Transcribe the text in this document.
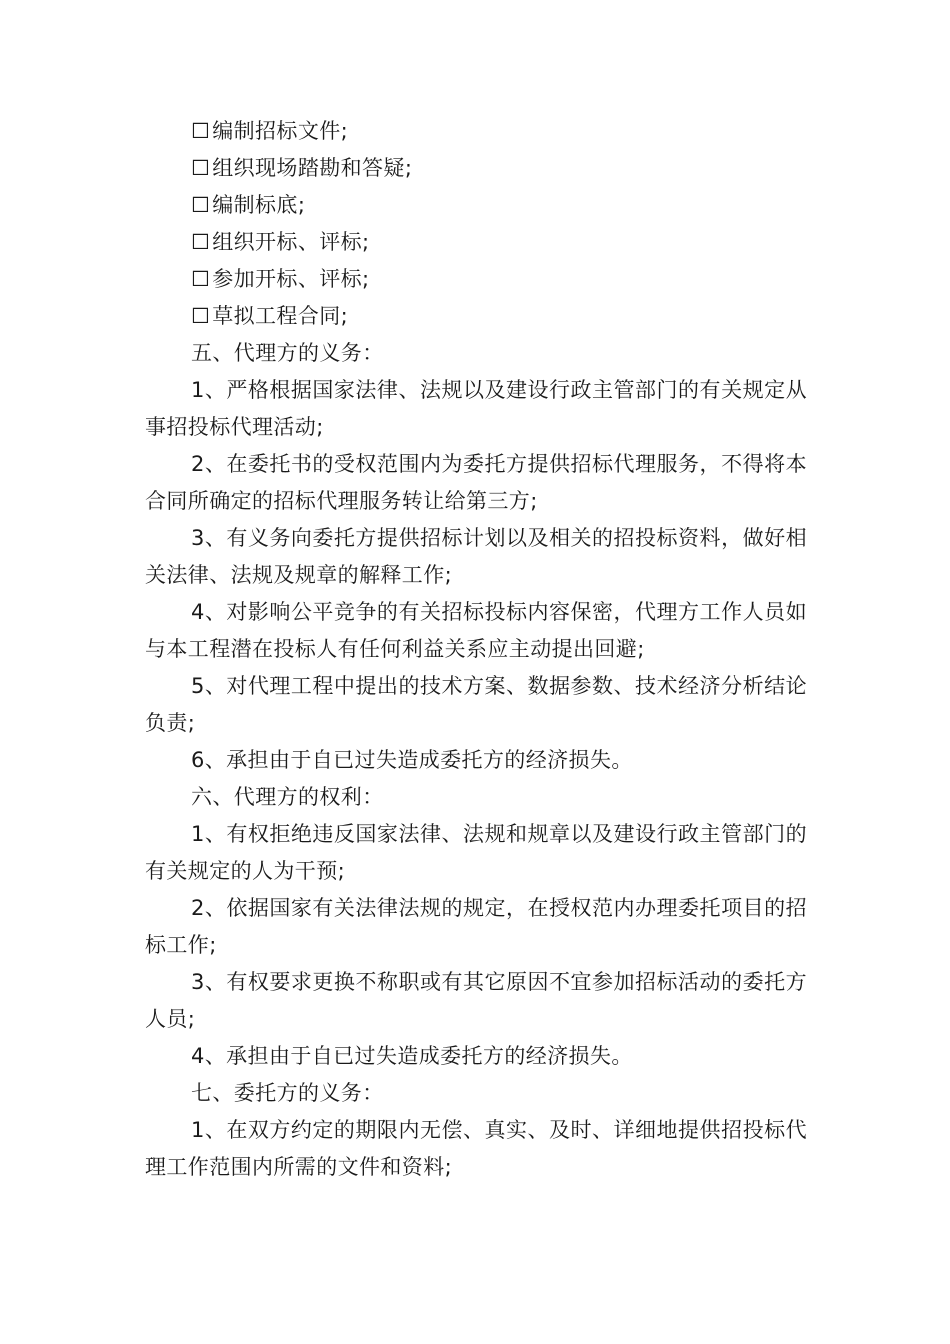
☐编制招标文件;
☐组织现场踏勘和答疑;
☐编制标底;
☐组织开标、评标;
☐参加开标、评标;
☐草拟工程合同;
五、代理方的义务：

1、严格根据国家法律、法规以及建设行政主管部门的有关规定从事招投标代理活动;

2、在委托书的受权范围内为委托方提供招标代理服务，不得将本合同所确定的招标代理服务转让给第三方;

3、有义务向委托方提供招标计划以及相关的招投标资料，做好相关法律、法规及规章的解释工作;

4、对影响公平竞争的有关招标投标内容保密，代理方工作人员如与本工程潜在投标人有任何利益关系应主动提出回避;

5、对代理工程中提出的技术方案、数据参数、技术经济分析结论负责;

6、承担由于自已过失造成委托方的经济损失。

六、代理方的权利：

1、有权拒绝违反国家法律、法规和规章以及建设行政主管部门的有关规定的人为干预;

2、依据国家有关法律法规的规定，在授权范内办理委托项目的招标工作;

3、有权要求更换不称职或有其它原因不宜参加招标活动的委托方人员;

4、承担由于自已过失造成委托方的经济损失。

七、委托方的义务：

1、在双方约定的期限内无偿、真实、及时、详细地提供招投标代理工作范围内所需的文件和资料;
